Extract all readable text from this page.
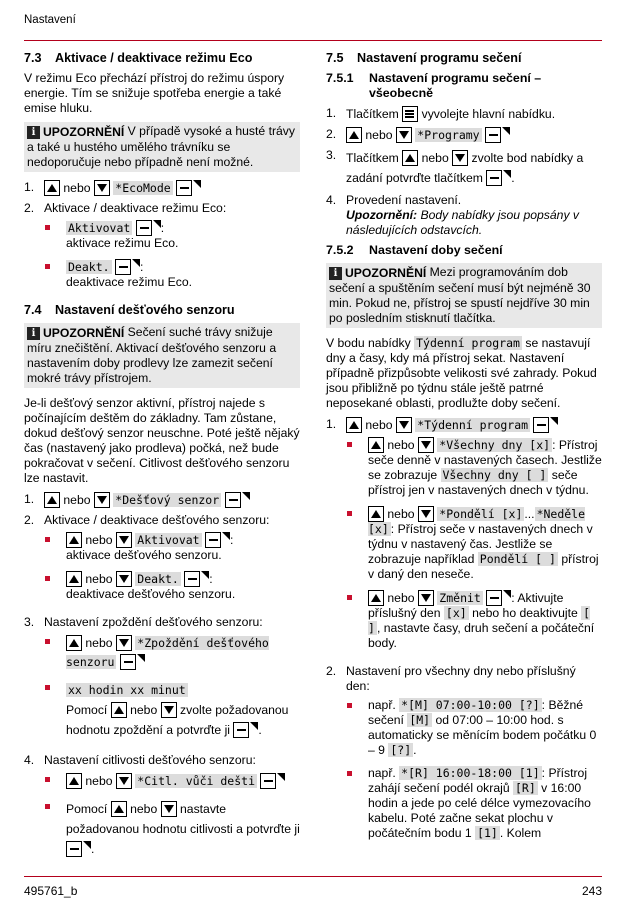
Nastavení
7.3	Aktivace / deaktivace režimu Eco

V režimu Eco přechází přístroj do režimu úspory energie. Tím se snižuje spotřeba energie a také emise hluku.

i UPOZORNĚNÍ V případě vysoké a husté trávy a také u hustého umělého trávníku se nedoporučuje nebo případně není možné.
1.	nebo *EcoMode
2. Aktivace / deaktivace režimu Eco:
Aktivovat :
aktivace režimu Eco.
Deakt. :
deaktivace režimu Eco.
7.4	Nastavení dešťového senzoru
i UPOZORNĚNÍ Sečení suché trávy snižuje míru znečištění. Aktivací dešťového senzoru a nastavením doby prodlevy lze zamezit sečení mokré trávy přístrojem.

Je-li dešťový senzor aktivní, přístroj najede s počínajícím deštěm do základny. Tam zůstane, dokud dešťový senzor neuschne. Poté ještě nějaký čas (nastavený jako prodleva) počká, než bude pokračovat v sečení. Citlivost dešťového senzoru lze nastavit.

1.	nebo *Dešťový senzor
2. Aktivace / deaktivace dešťového senzoru:
nebo Aktivovat :
aktivace dešťového senzoru.
nebo Deakt. :
deaktivace dešťového senzoru.
3. Nastavení zpoždění dešťového senzoru:
nebo *Zpoždění dešťového senzoru
xx hodin xx minut
Pomocí nebo zvolte požadovanou hodnotu zpoždění a potvrďte ji .
4. Nastavení citlivosti dešťového senzoru:
nebo *Citl. vůči dešti
Pomocí nebo nastavte požadovanou hodnotu citlivosti a potvrďte ji .
7.5	Nastavení programu sečení
7.5.1	Nastavení programu sečení – všeobecně
1. Tlačítkem vyvolejte hlavní nabídku.
2.	nebo *Programy
3. Tlačítkem nebo zvolte bod nabídky a zadání potvrďte tlačítkem .
4. Provedení nastavení.
Upozornění: Body nabídky jsou popsány v následujících odstavcích.
7.5.2	Nastavení doby sečení
i UPOZORNĚNÍ Mezi programováním dob sečení a spuštěním sečení musí být nejméně 30 min. Pokud ne, přístroj se spustí nejdříve 30 min po posledním stisknutí tlačítka.

V bodu nabídky Týdenní program se nastavují dny a časy, kdy má přístroj sekat. Nastavení případně přizpůsobte velikosti své zahrady. Pokud jsou přibližně po týdnu stále ještě patrné neposekané oblasti, prodlužte doby sečení.

1.	nebo *Týdenní program
nebo *Všechny dny [x] : Přístroj seče denně v nastavených časech. Jestliže se zobrazuje Všechny dny [ ] seče přístroj jen v nastavených dnech v týdnu.
nebo *Pondělí [x] ... *Neděle [x] : Přístroj seče v nastavených dnech v týdnu v nastavený čas. Jestliže se zobrazuje například Pondělí [ ] přístroj v daný den neseče.
nebo Změnit : Aktivujte příslušný den [x] nebo ho deaktivujte [ ] , nastavte časy, druh sečení a počáteční body.
2. Nastavení pro všechny dny nebo příslušný den:
např. *[M] 07:00-10:00 [?] : Běžné sečení [M] od 07:00 – 10:00 hod. s automaticky se měnícím bodem počátku 0 – 9 [?] .
např. *[R] 16:00-18:00 [1] : Přístroj zahájí sečení podél okrajů [R] v 16:00 hodin a jede po celé délce vymezovacího kabelu. Poté začne sekat plochu v počátečním bodu 1 [1] . Kolem
495761_b	243
